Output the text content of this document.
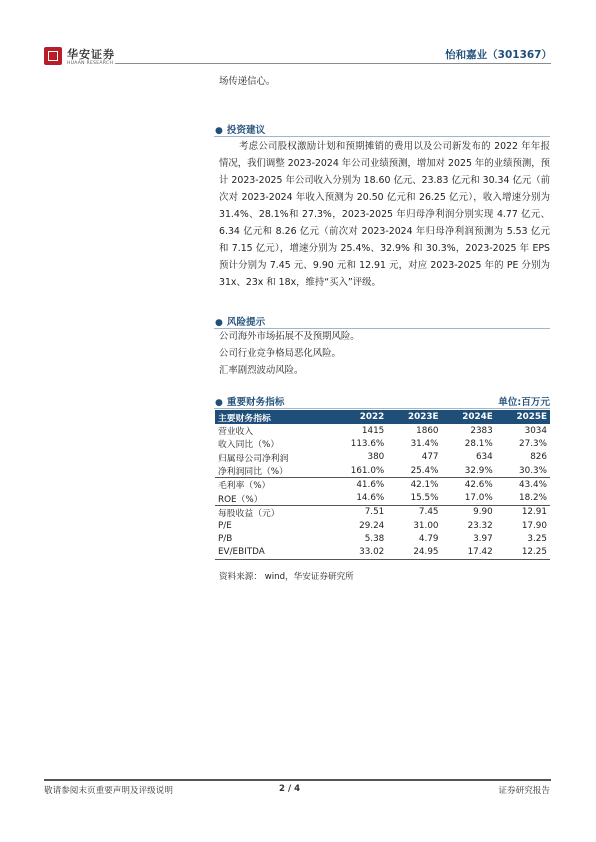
华安证券
HUAAN RESEARCH
怡和嘉业（301367）
场传递信心。
● 投资建议

考虑公司股权激励计划和预期摊销的费用以及公司新发布的 2022 年年报情况，我们调整 2023-2024 年公司业绩预测，增加对 2025 年的业绩预测，预计 2023-2025 年公司收入分别为 18.60 亿元、23.83 亿元和 30.34 亿元（前次对 2023-2024 年收入预测为 20.50 亿元和 26.25 亿元），收入增速分别为 31.4%、28.1%和 27.3%，2023-2025 年归母净利润分别实现 4.77 亿元、6.34 亿元和 8.26 亿元（前次对 2023-2024 年归母净利润预测为 5.53 亿元和 7.15 亿元），增速分别为 25.4%、32.9% 和 30.3%，2023-2025 年 EPS 预计分别为 7.45 元、9.90 元和 12.91 元，对应 2023-2025 年的 PE 分别为 31x、23x 和 18x，维持“买入”评级。

● 风险提示
公司海外市场拓展不及预期风险。
公司行业竞争格局恶化风险。
汇率剧烈波动风险。
● 重要财务指标	单位:百万元
主要财务指标	2022	2023E	2024E	2025E
营业收入	1415	1860	2383	3034
收入同比（%）	113.6%	31.4%	28.1%	27.3%
归属母公司净利润	380	477	634	826
净利润同比（%）	161.0%	25.4%	32.9%	30.3%
毛利率（%）	41.6%	42.1%	42.6%	43.4%
ROE（%）	14.6%	15.5%	17.0%	18.2%
每股收益（元）	7.51	7.45	9.90	12.91
P/E	29.24	31.00	23.32	17.90
P/B	5.38	4.79	3.97	3.25
EV/EBITDA	33.02	24.95	17.42	12.25
资料来源： wind，华安证券研究所
敬请参阅末页重要声明及评级说明	2 / 4	证券研究报告
